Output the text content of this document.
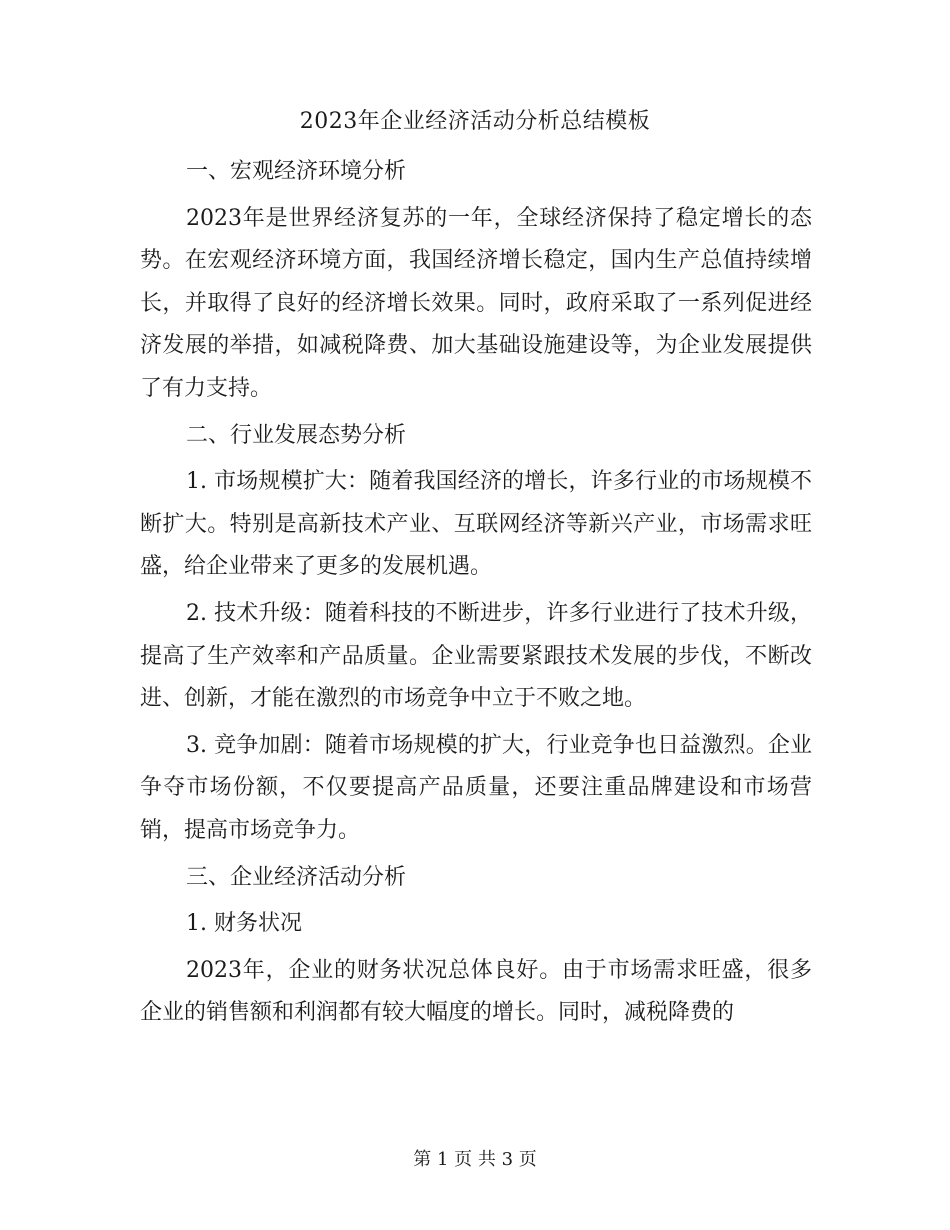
2023年企业经济活动分析总结模板

一、宏观经济环境分析

2023年是世界经济复苏的一年，全球经济保持了稳定增长的态势。在宏观经济环境方面，我国经济增长稳定，国内生产总值持续增长，并取得了良好的经济增长效果。同时，政府采取了一系列促进经济发展的举措，如减税降费、加大基础设施建设等，为企业发展提供了有力支持。

二、行业发展态势分析

1. 市场规模扩大：随着我国经济的增长，许多行业的市场规模不断扩大。特别是高新技术产业、互联网经济等新兴产业，市场需求旺盛，给企业带来了更多的发展机遇。

2. 技术升级：随着科技的不断进步，许多行业进行了技术升级，提高了生产效率和产品质量。企业需要紧跟技术发展的步伐，不断改进、创新，才能在激烈的市场竞争中立于不败之地。

3. 竞争加剧：随着市场规模的扩大，行业竞争也日益激烈。企业争夺市场份额，不仅要提高产品质量，还要注重品牌建设和市场营销，提高市场竞争力。

三、企业经济活动分析

1. 财务状况

2023年，企业的财务状况总体良好。由于市场需求旺盛，很多企业的销售额和利润都有较大幅度的增长。同时，减税降费的

第 1 页 共 3 页
